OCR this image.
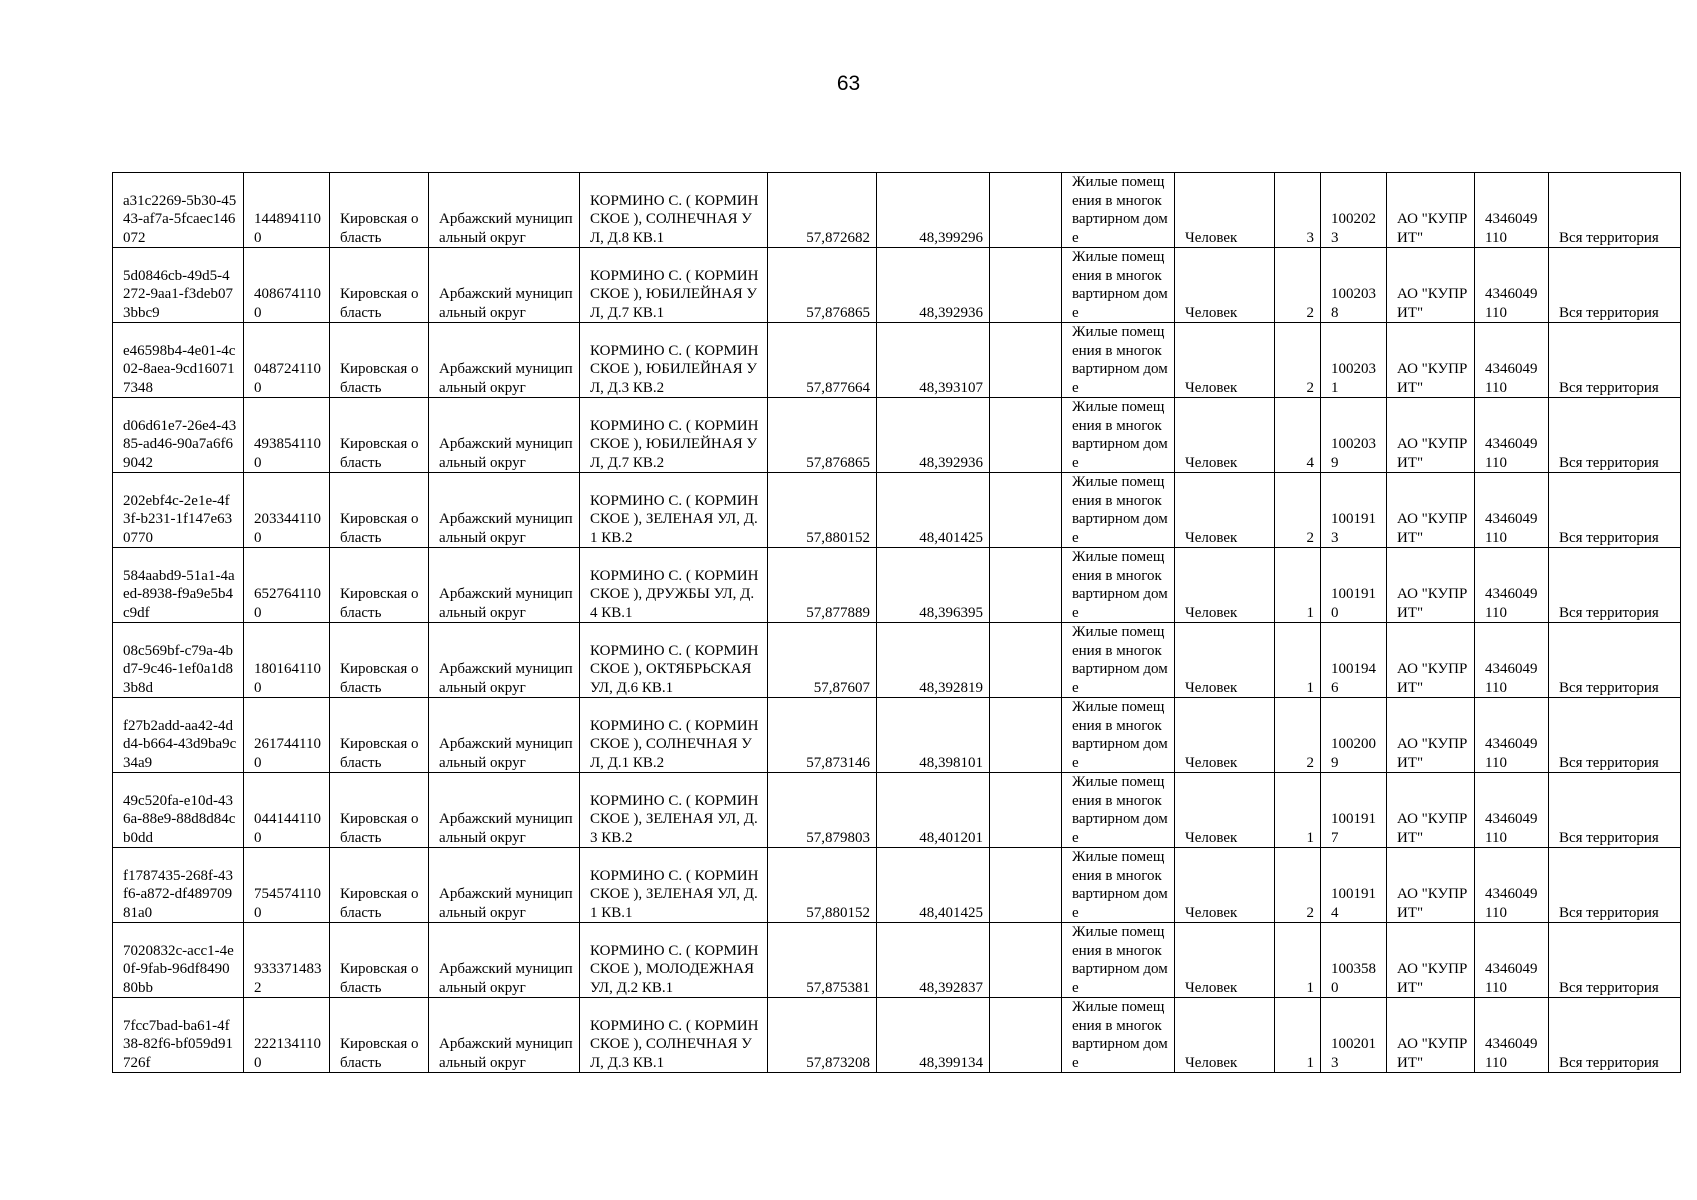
63
a31c2269-5b30-4543-af7a-5fcaec146072	1448941100	Кировская область	Арбажский муниципальный округ	КОРМИНО С. ( КОРМИНСКОЕ ), СОЛНЕЧНАЯ УЛ, Д.8 КВ.1	57,872682	48,399296		Жилые помещения в многоквартирном доме	Человек	3	1002023	АО "КУПРИТ"	4346049110	Вся территория
5d0846cb-49d5-4272-9aa1-f3deb073bbc9	4086741100	Кировская область	Арбажский муниципальный округ	КОРМИНО С. ( КОРМИНСКОЕ ), ЮБИЛЕЙНАЯ УЛ, Д.7 КВ.1	57,876865	48,392936		Жилые помещения в многоквартирном доме	Человек	2	1002038	АО "КУПРИТ"	4346049110	Вся территория
e46598b4-4e01-4c02-8aea-9cd160717348	0487241100	Кировская область	Арбажский муниципальный округ	КОРМИНО С. ( КОРМИНСКОЕ ), ЮБИЛЕЙНАЯ УЛ, Д.3 КВ.2	57,877664	48,393107		Жилые помещения в многоквартирном доме	Человек	2	1002031	АО "КУПРИТ"	4346049110	Вся территория
d06d61e7-26e4-4385-ad46-90a7a6f69042	4938541100	Кировская область	Арбажский муниципальный округ	КОРМИНО С. ( КОРМИНСКОЕ ), ЮБИЛЕЙНАЯ УЛ, Д.7 КВ.2	57,876865	48,392936		Жилые помещения в многоквартирном доме	Человек	4	1002039	АО "КУПРИТ"	4346049110	Вся территория
202ebf4c-2e1e-4f3f-b231-1f147e630770	2033441100	Кировская область	Арбажский муниципальный округ	КОРМИНО С. ( КОРМИНСКОЕ ), ЗЕЛЕНАЯ УЛ, Д.1 КВ.2	57,880152	48,401425		Жилые помещения в многоквартирном доме	Человек	2	1001913	АО "КУПРИТ"	4346049110	Вся территория
584aabd9-51a1-4aed-8938-f9a9e5b4c9df	6527641100	Кировская область	Арбажский муниципальный округ	КОРМИНО С. ( КОРМИНСКОЕ ), ДРУЖБЫ УЛ, Д.4 КВ.1	57,877889	48,396395		Жилые помещения в многоквартирном доме	Человек	1	1001910	АО "КУПРИТ"	4346049110	Вся территория
08c569bf-c79a-4bd7-9c46-1ef0a1d83b8d	1801641100	Кировская область	Арбажский муниципальный округ	КОРМИНО С. ( КОРМИНСКОЕ ), ОКТЯБРЬСКАЯ УЛ, Д.6 КВ.1	57,87607	48,392819		Жилые помещения в многоквартирном доме	Человек	1	1001946	АО "КУПРИТ"	4346049110	Вся территория
f27b2add-aa42-4dd4-b664-43d9ba9c34a9	2617441100	Кировская область	Арбажский муниципальный округ	КОРМИНО С. ( КОРМИНСКОЕ ), СОЛНЕЧНАЯ УЛ, Д.1 КВ.2	57,873146	48,398101		Жилые помещения в многоквартирном доме	Человек	2	1002009	АО "КУПРИТ"	4346049110	Вся территория
49c520fa-e10d-436a-88e9-88d8d84cb0dd	0441441100	Кировская область	Арбажский муниципальный округ	КОРМИНО С. ( КОРМИНСКОЕ ), ЗЕЛЕНАЯ УЛ, Д.3 КВ.2	57,879803	48,401201		Жилые помещения в многоквартирном доме	Человек	1	1001917	АО "КУПРИТ"	4346049110	Вся территория
f1787435-268f-43f6-a872-df48970981a0	7545741100	Кировская область	Арбажский муниципальный округ	КОРМИНО С. ( КОРМИНСКОЕ ), ЗЕЛЕНАЯ УЛ, Д.1 КВ.1	57,880152	48,401425		Жилые помещения в многоквартирном доме	Человек	2	1001914	АО "КУПРИТ"	4346049110	Вся территория
7020832c-acc1-4e0f-9fab-96df849080bb	9333714832	Кировская область	Арбажский муниципальный округ	КОРМИНО С. ( КОРМИНСКОЕ ), МОЛОДЕЖНАЯ УЛ, Д.2 КВ.1	57,875381	48,392837		Жилые помещения в многоквартирном доме	Человек	1	1003580	АО "КУПРИТ"	4346049110	Вся территория
7fcc7bad-ba61-4f38-82f6-bf059d91726f	2221341100	Кировская область	Арбажский муниципальный округ	КОРМИНО С. ( КОРМИНСКОЕ ), СОЛНЕЧНАЯ УЛ, Д.3 КВ.1	57,873208	48,399134		Жилые помещения в многоквартирном доме	Человек	1	1002013	АО "КУПРИТ"	4346049110	Вся территория
